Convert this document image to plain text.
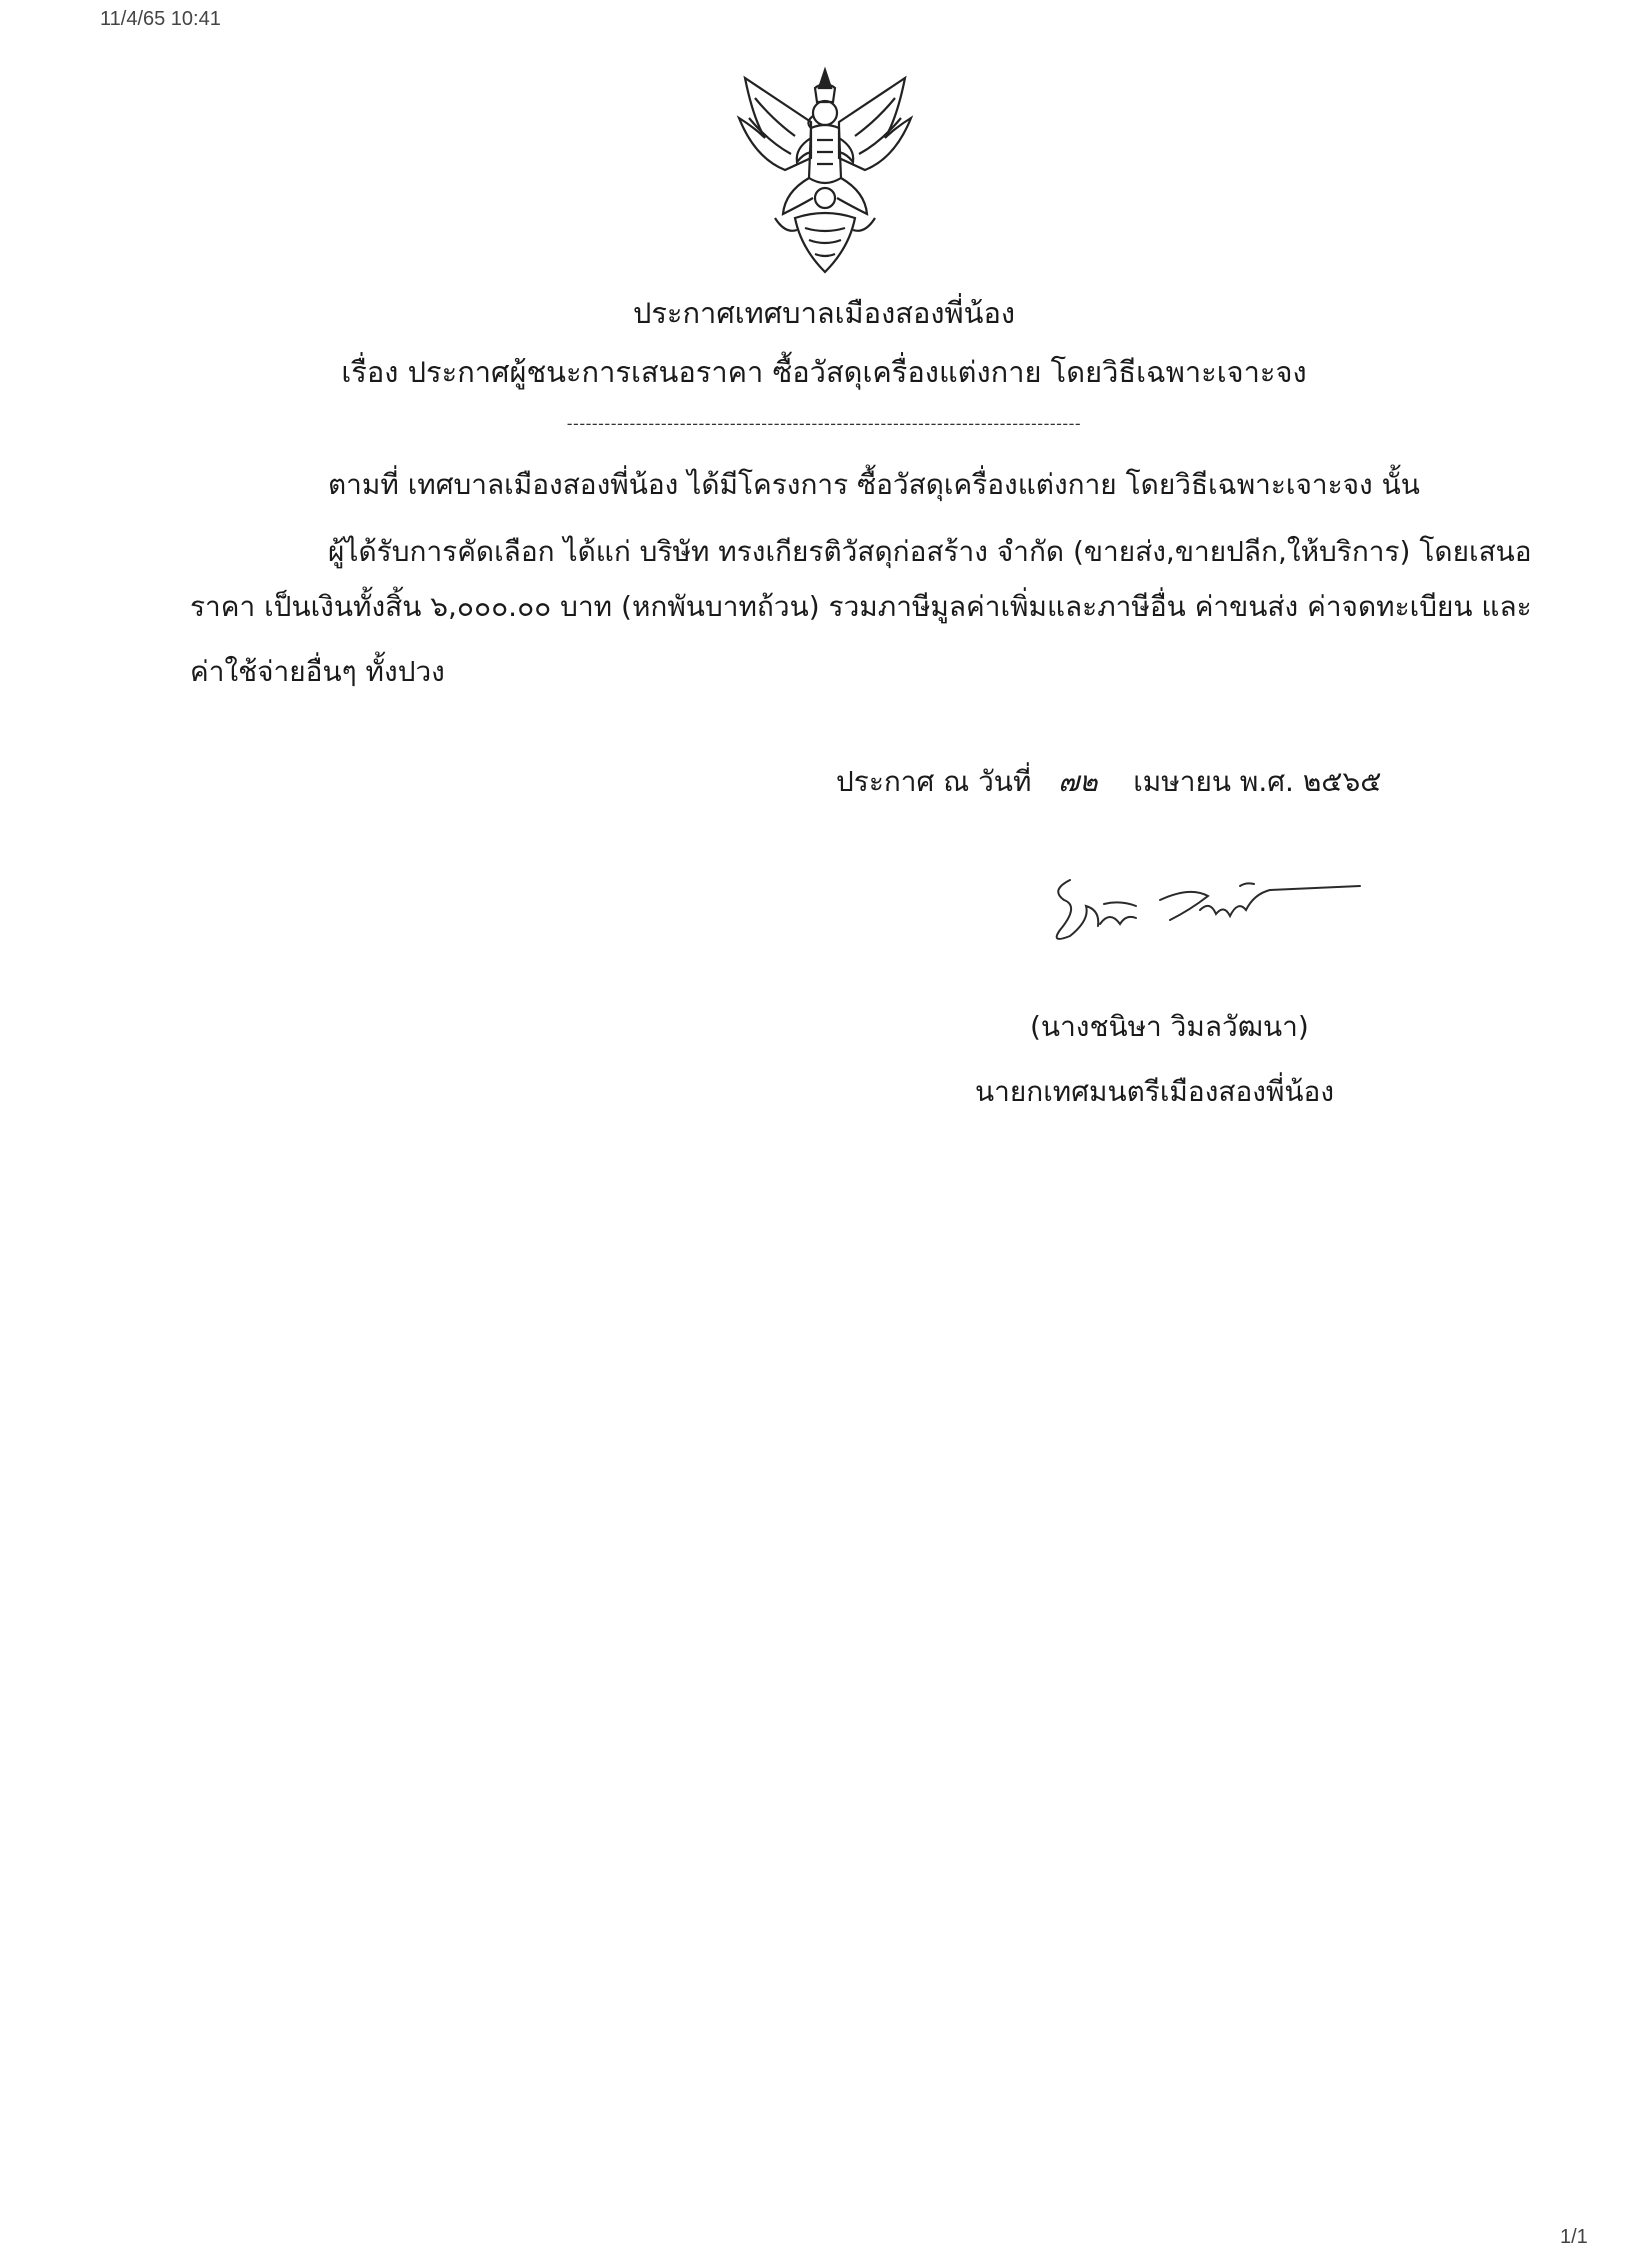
11/4/65 10:41
ประกาศเทศบาลเมืองสองพี่น้อง
เรื่อง ประกาศผู้ชนะการเสนอราคา ซื้อวัสดุเครื่องแต่งกาย โดยวิธีเฉพาะเจาะจง
----------------------------------------------------------------------------------
ตามที่ เทศบาลเมืองสองพี่น้อง ได้มีโครงการ ซื้อวัสดุเครื่องแต่งกาย โดยวิธีเฉพาะเจาะจง นั้น
ผู้ได้รับการคัดเลือก ได้แก่ บริษัท ทรงเกียรติวัสดุก่อสร้าง จำกัด (ขายส่ง,ขายปลีก,ให้บริการ) โดยเสนอ
ราคา เป็นเงินทั้งสิ้น ๖,๐๐๐.๐๐ บาท (หกพันบาทถ้วน) รวมภาษีมูลค่าเพิ่มและภาษีอื่น ค่าขนส่ง ค่าจดทะเบียน และ
ค่าใช้จ่ายอื่นๆ ทั้งปวง
ประกาศ ณ วันที่ ๗๒ เมษายน พ.ศ. ๒๕๖๕
(นางชนิษา วิมลวัฒนา)
นายกเทศมนตรีเมืองสองพี่น้อง
1/1
